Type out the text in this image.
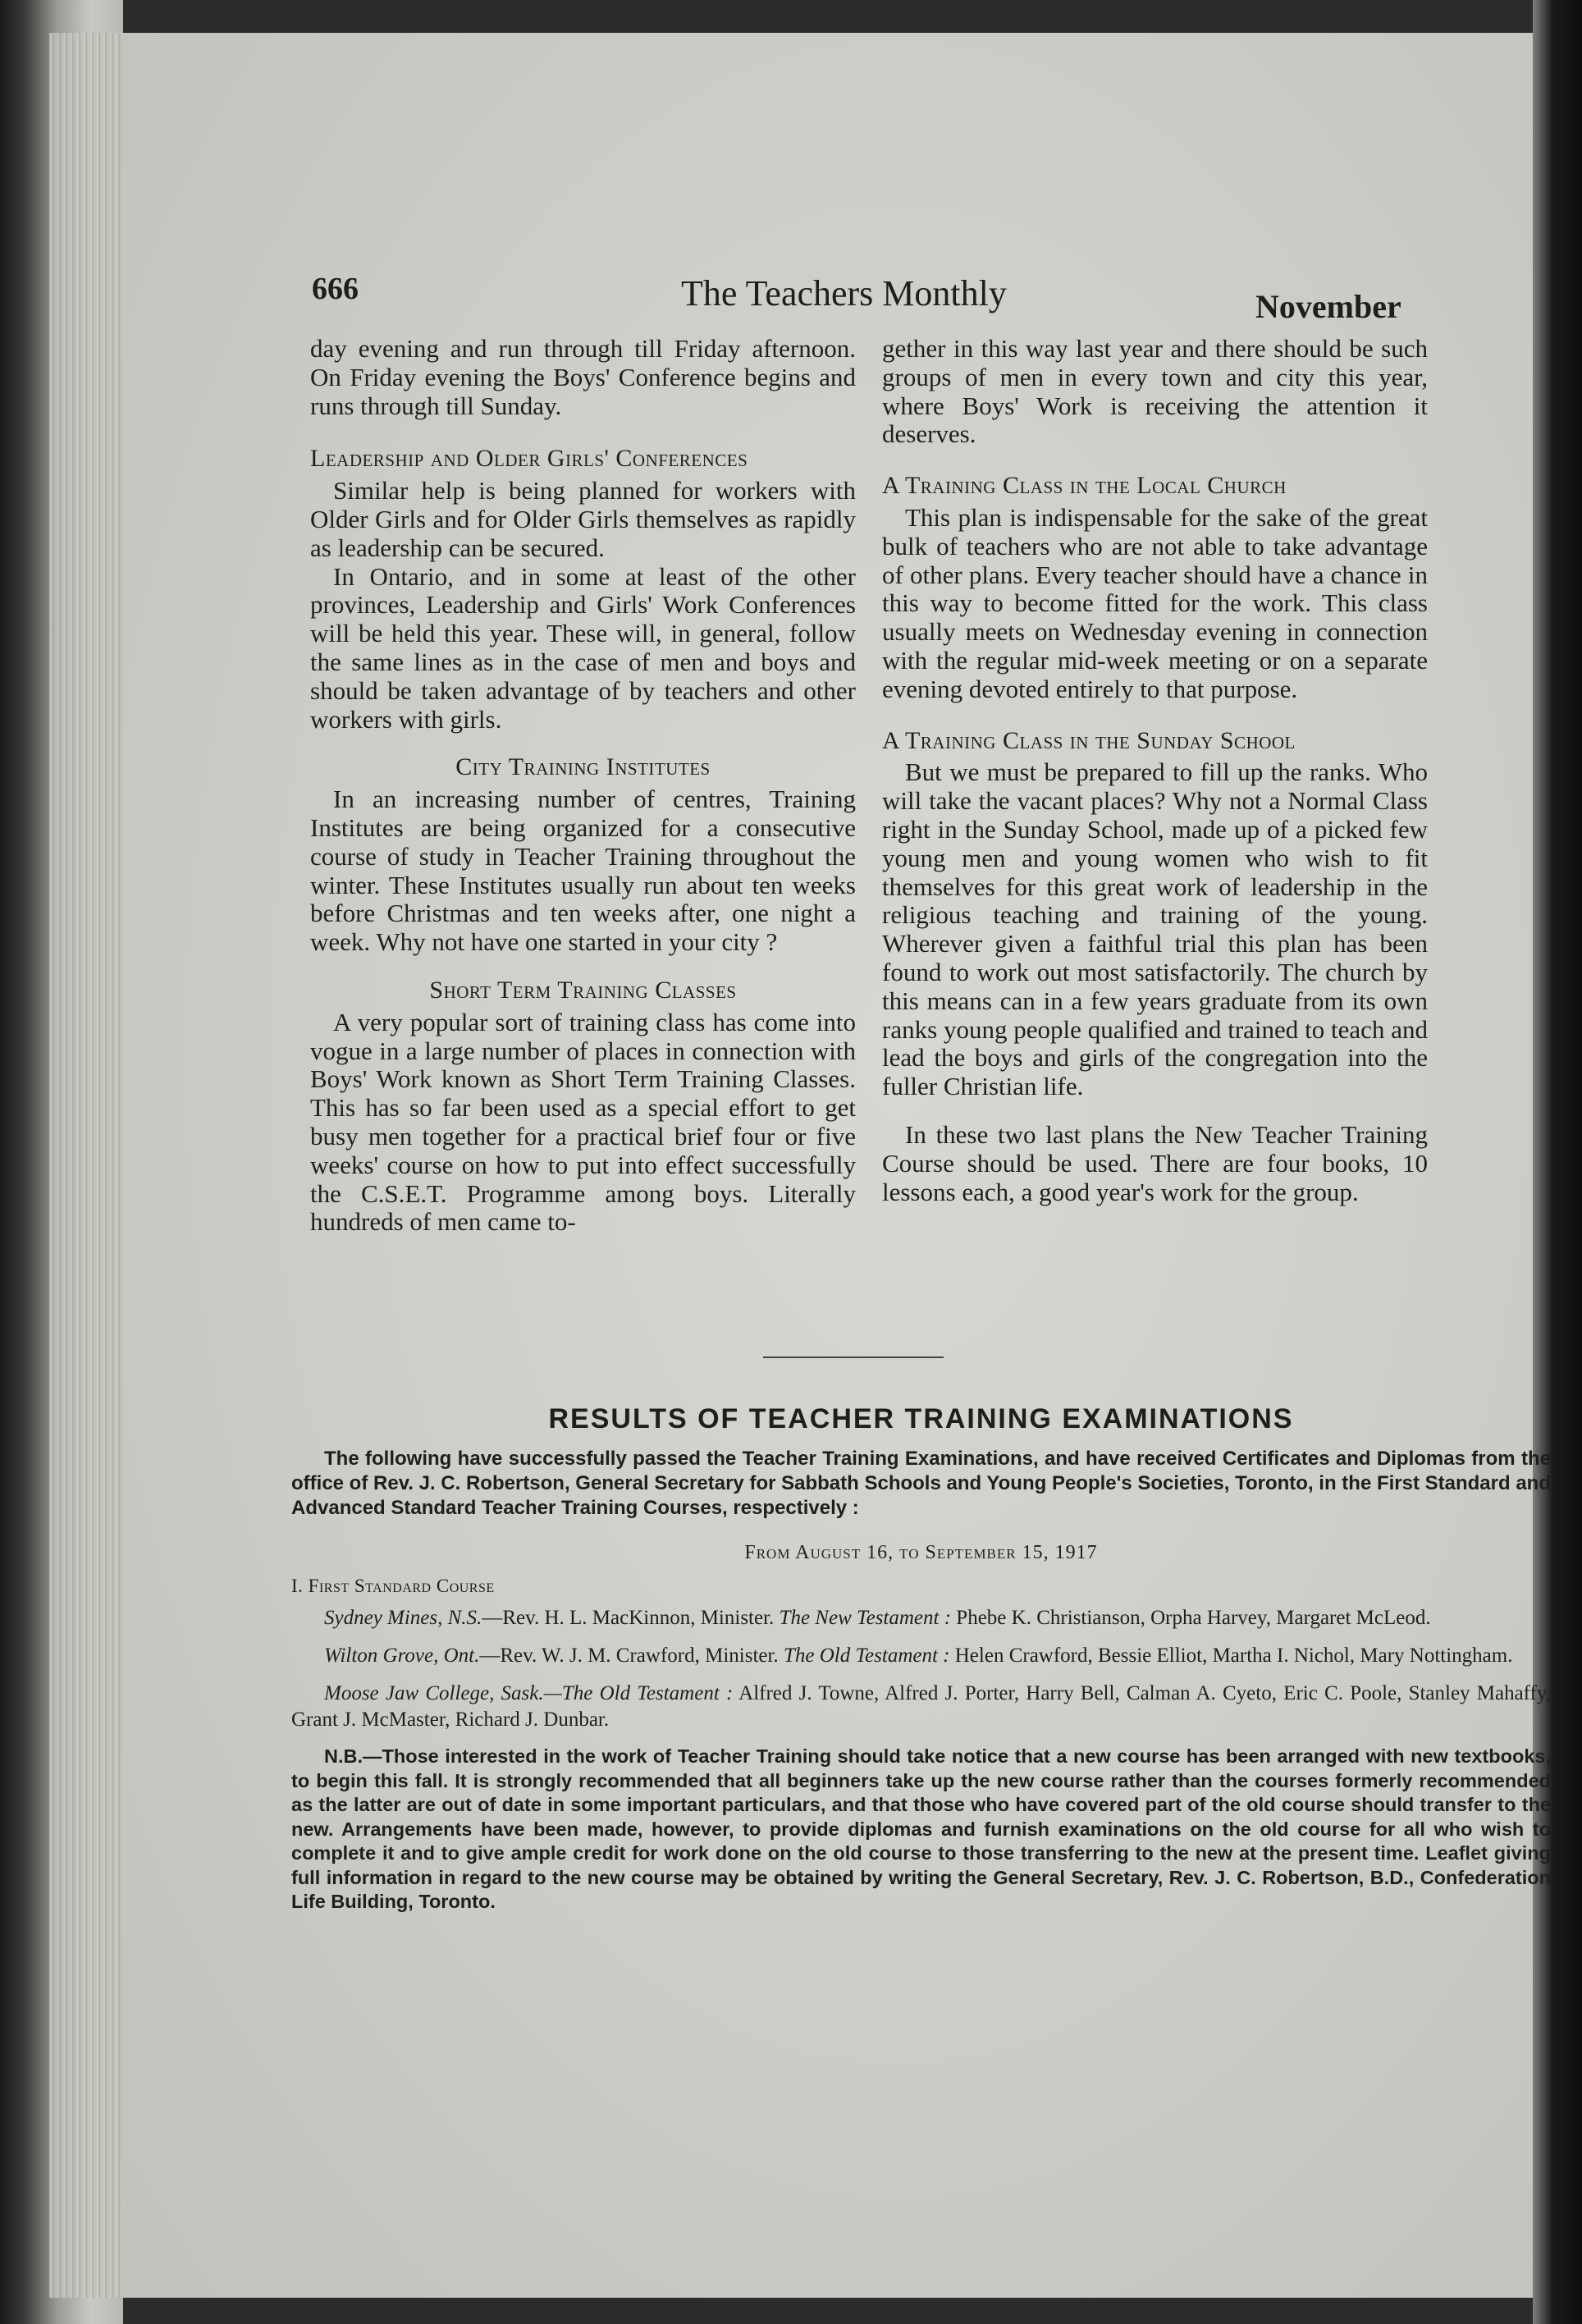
666	The Teachers Monthly	November

day evening and run through till Friday afternoon. On Friday evening the Boys' Conference begins and runs through till Sunday.

Leadership and Older Girls' Conferences

Similar help is being planned for workers with Older Girls and for Older Girls themselves as rapidly as leadership can be secured.

In Ontario, and in some at least of the other provinces, Leadership and Girls' Work Conferences will be held this year. These will, in general, follow the same lines as in the case of men and boys and should be taken advantage of by teachers and other workers with girls.

City Training Institutes

In an increasing number of centres, Training Institutes are being organized for a consecutive course of study in Teacher Training throughout the winter. These Institutes usually run about ten weeks before Christmas and ten weeks after, one night a week. Why not have one started in your city ?

Short Term Training Classes

A very popular sort of training class has come into vogue in a large number of places in connection with Boys' Work known as Short Term Training Classes. This has so far been used as a special effort to get busy men together for a practical brief four or five weeks' course on how to put into effect successfully the C.S.E.T. Programme among boys. Literally hundreds of men came to-

gether in this way last year and there should be such groups of men in every town and city this year, where Boys' Work is receiving the attention it deserves.

A Training Class in the Local Church

This plan is indispensable for the sake of the great bulk of teachers who are not able to take advantage of other plans. Every teacher should have a chance in this way to become fitted for the work. This class usually meets on Wednesday evening in connection with the regular mid-week meeting or on a separate evening devoted entirely to that purpose.

A Training Class in the Sunday School

But we must be prepared to fill up the ranks. Who will take the vacant places? Why not a Normal Class right in the Sunday School, made up of a picked few young men and young women who wish to fit themselves for this great work of leadership in the religious teaching and training of the young. Wherever given a faithful trial this plan has been found to work out most satisfactorily. The church by this means can in a few years graduate from its own ranks young people qualified and trained to teach and lead the boys and girls of the congregation into the fuller Christian life.

In these two last plans the New Teacher Training Course should be used. There are four books, 10 lessons each, a good year's work for the group.

RESULTS OF TEACHER TRAINING EXAMINATIONS

The following have successfully passed the Teacher Training Examinations, and have received Certificates and Diplomas from the office of Rev. J. C. Robertson, General Secretary for Sabbath Schools and Young People's Societies, Toronto, in the First Standard and Advanced Standard Teacher Training Courses, respectively :

From August 16, to September 15, 1917
I. First Standard Course

Sydney Mines, N.S.—Rev. H. L. MacKinnon, Minister. The New Testament : Phebe K. Christianson, Orpha Harvey, Margaret McLeod.

Wilton Grove, Ont.—Rev. W. J. M. Crawford, Minister. The Old Testament : Helen Crawford, Bessie Elliot, Martha I. Nichol, Mary Nottingham.

Moose Jaw College, Sask.—The Old Testament : Alfred J. Towne, Alfred J. Porter, Harry Bell, Calman A. Cyeto, Eric C. Poole, Stanley Mahaffy, Grant J. McMaster, Richard J. Dunbar.

N.B.—Those interested in the work of Teacher Training should take notice that a new course has been arranged with new textbooks, to begin this fall. It is strongly recommended that all beginners take up the new course rather than the courses formerly recommended as the latter are out of date in some important particulars, and that those who have covered part of the old course should transfer to the new. Arrangements have been made, however, to provide diplomas and furnish examinations on the old course for all who wish to complete it and to give ample credit for work done on the old course to those transferring to the new at the present time. Leaflet giving full information in regard to the new course may be obtained by writing the General Secretary, Rev. J. C. Robertson, B.D., Confederation Life Building, Toronto.
